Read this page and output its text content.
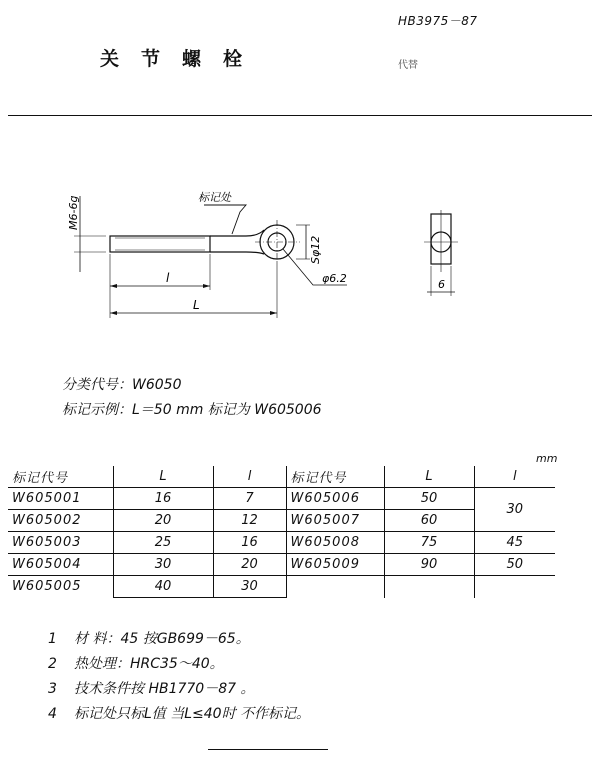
HB3975－87
关节螺栓	代替
标记处
M6-6g
Sφ12
φ6.2
l
L
6
分类代号：W6050
标记示例：L＝50 mm 标记为 W605006
mm
标记代号	L	l	标记代号	L	l
W605001	16	7	W605006	50	30
W605002	20	12	W605007	60	
W605003	25	16	W605008	75	45
W605004	30	20	W605009	90	50
W605005	40	30			
1 材 料：45 按GB699－65。
2 热处理：HRC35～40。
3 技术条件按 HB1770－87 。
4 标记处只标L值 当L≤40时 不作标记。
